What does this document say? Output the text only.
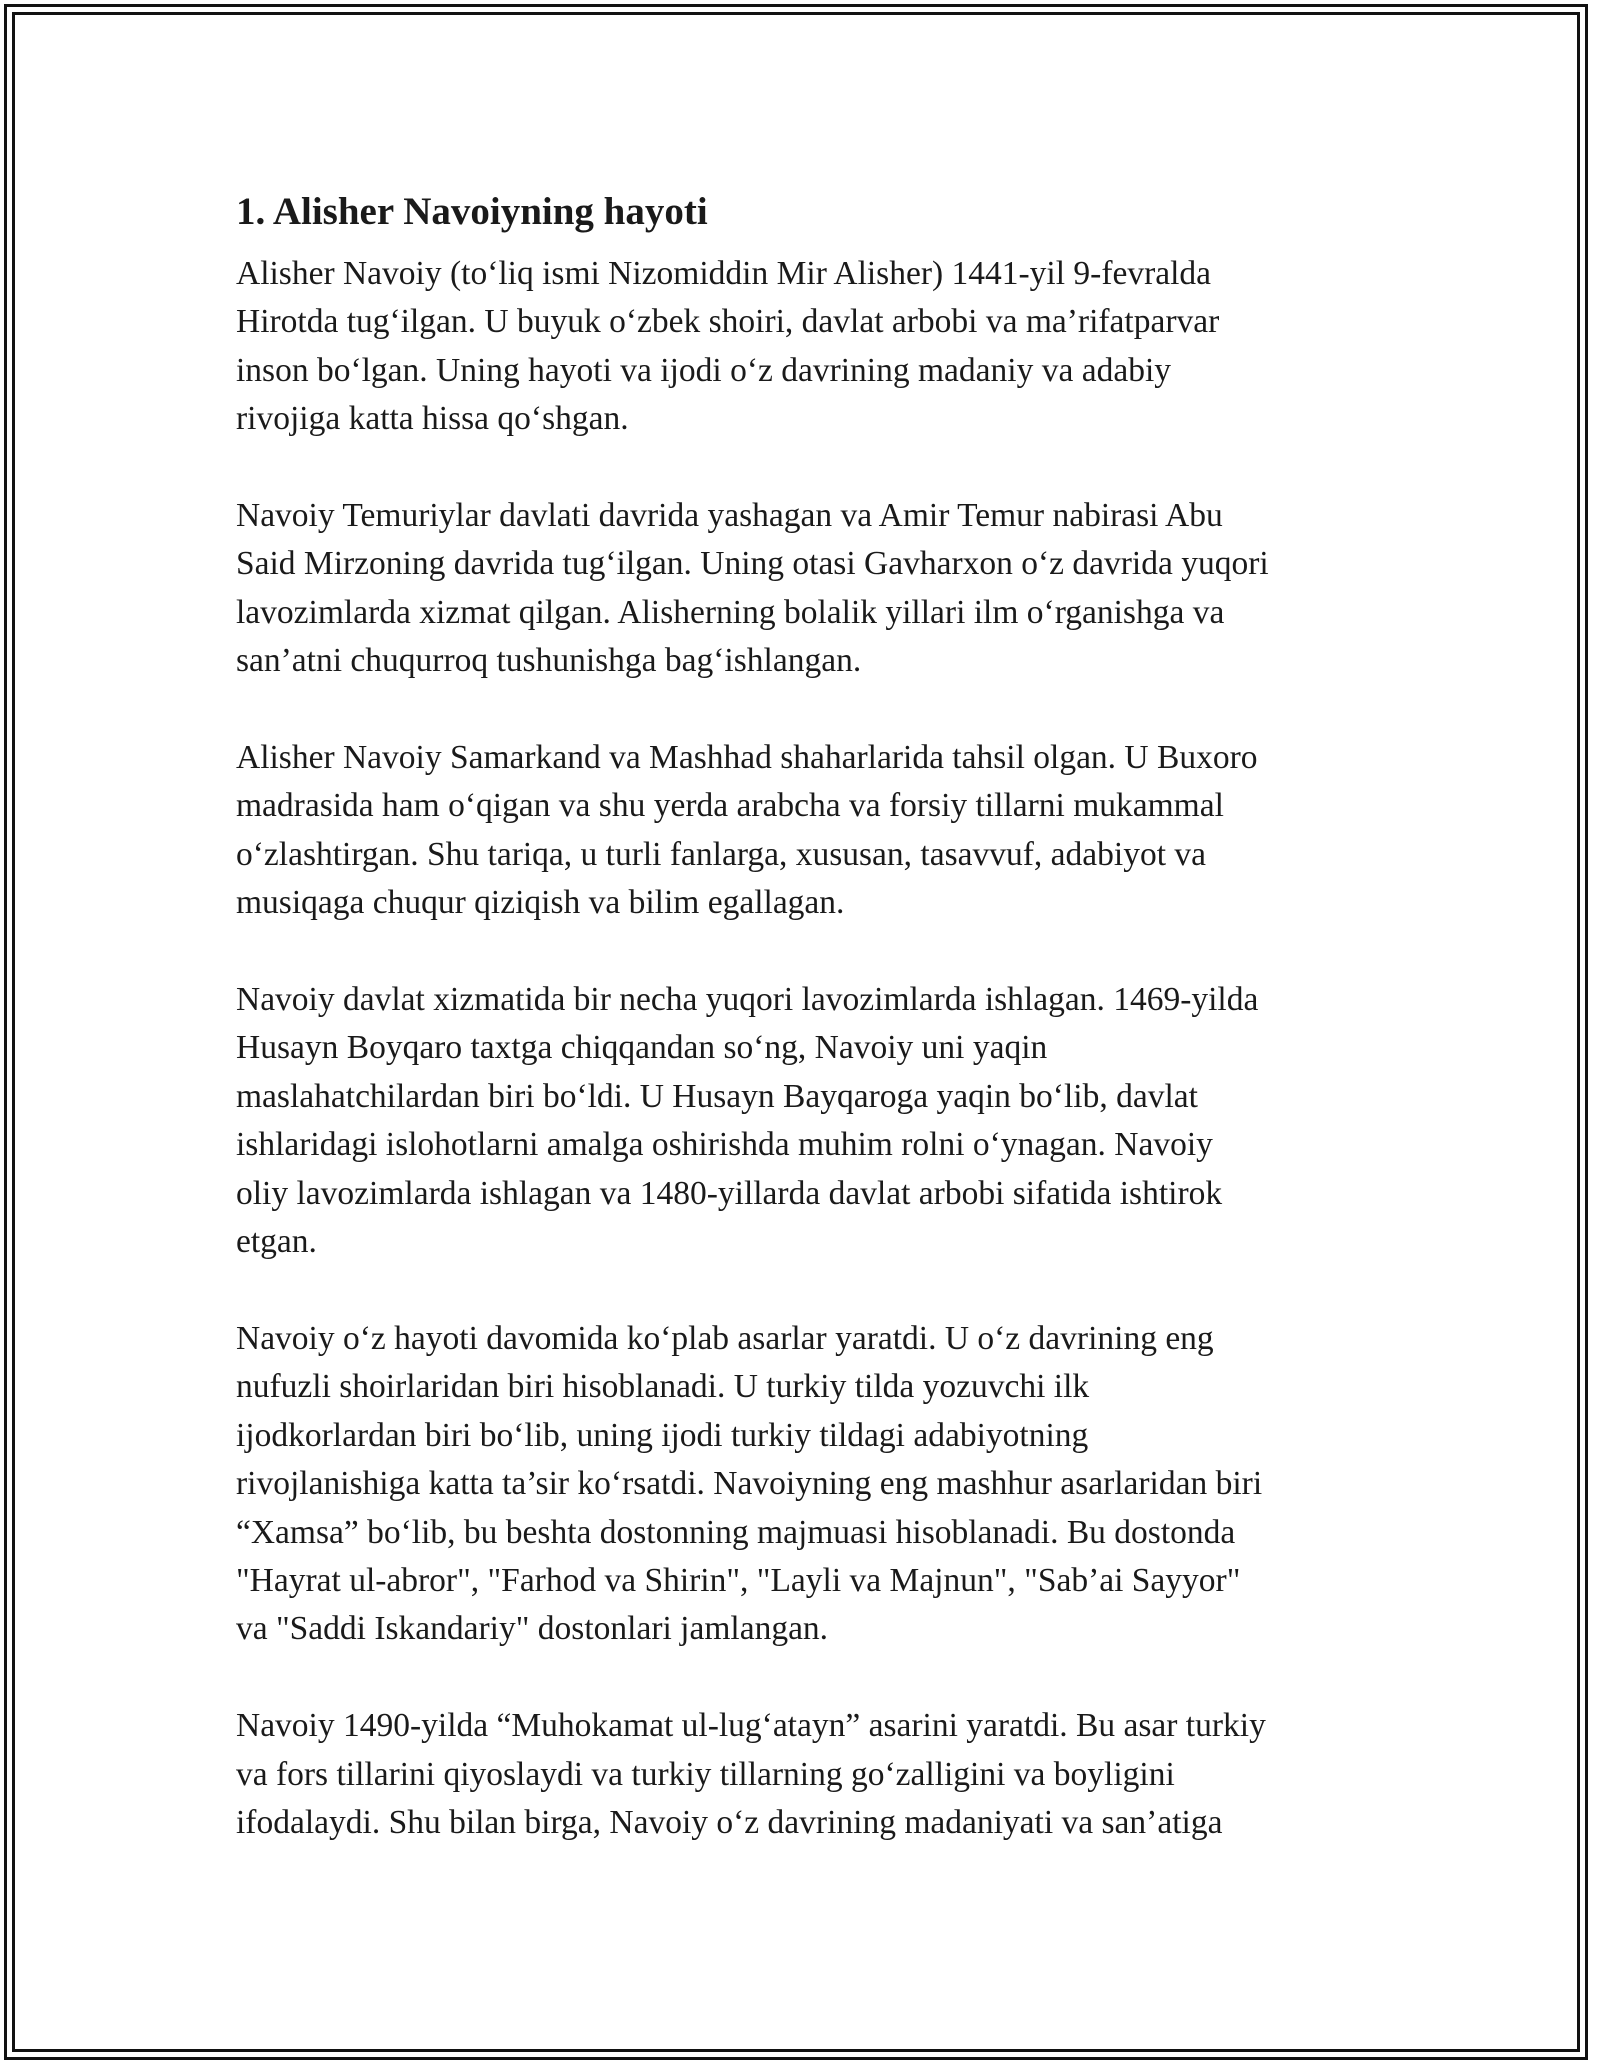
1. Alisher Navoiyning hayoti

Alisher Navoiy (to‘liq ismi Nizomiddin Mir Alisher) 1441-yil 9-fevralda
Hirotda tug‘ilgan. U buyuk o‘zbek shoiri, davlat arbobi va ma’rifatparvar
inson bo‘lgan. Uning hayoti va ijodi o‘z davrining madaniy va adabiy
rivojiga katta hissa qo‘shgan.

Navoiy Temuriylar davlati davrida yashagan va Amir Temur nabirasi Abu
Said Mirzoning davrida tug‘ilgan. Uning otasi Gavharxon o‘z davrida yuqori
lavozimlarda xizmat qilgan. Alisherning bolalik yillari ilm o‘rganishga va
san’atni chuqurroq tushunishga bag‘ishlangan.

Alisher Navoiy Samarkand va Mashhad shaharlarida tahsil olgan. U Buxoro
madrasida ham o‘qigan va shu yerda arabcha va forsiy tillarni mukammal
o‘zlashtirgan. Shu tariqa, u turli fanlarga, xususan, tasavvuf, adabiyot va
musiqaga chuqur qiziqish va bilim egallagan.

Navoiy davlat xizmatida bir necha yuqori lavozimlarda ishlagan. 1469-yilda
Husayn Boyqaro taxtga chiqqandan so‘ng, Navoiy uni yaqin
maslahatchilardan biri bo‘ldi. U Husayn Bayqaroga yaqin bo‘lib, davlat
ishlaridagi islohotlarni amalga oshirishda muhim rolni o‘ynagan. Navoiy
oliy lavozimlarda ishlagan va 1480-yillarda davlat arbobi sifatida ishtirok
etgan.

Navoiy o‘z hayoti davomida ko‘plab asarlar yaratdi. U o‘z davrining eng
nufuzli shoirlaridan biri hisoblanadi. U turkiy tilda yozuvchi ilk
ijodkorlardan biri bo‘lib, uning ijodi turkiy tildagi adabiyotning
rivojlanishiga katta ta’sir ko‘rsatdi. Navoiyning eng mashhur asarlaridan biri
“Xamsa” bo‘lib, bu beshta dostonning majmuasi hisoblanadi. Bu dostonda
"Hayrat ul-abror", "Farhod va Shirin", "Layli va Majnun", "Sab’ai Sayyor"
va "Saddi Iskandariy" dostonlari jamlangan.

Navoiy 1490-yilda “Muhokamat ul-lug‘atayn” asarini yaratdi. Bu asar turkiy
va fors tillarini qiyoslaydi va turkiy tillarning go‘zalligini va boyligini
ifodalaydi. Shu bilan birga, Navoiy o‘z davrining madaniyati va san’atiga
